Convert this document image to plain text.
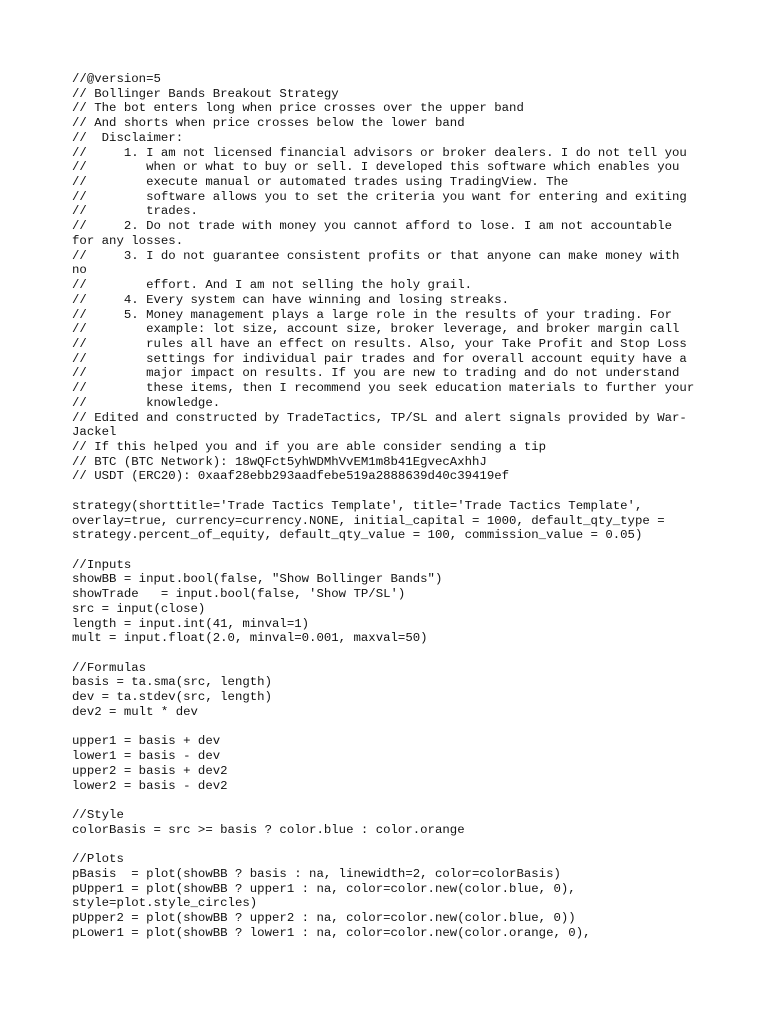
//@version=5
// Bollinger Bands Breakout Strategy
// The bot enters long when price crosses over the upper band
// And shorts when price crosses below the lower band
//  Disclaimer:
//     1. I am not licensed financial advisors or broker dealers. I do not tell you
//        when or what to buy or sell. I developed this software which enables you
//        execute manual or automated trades using TradingView. The
//        software allows you to set the criteria you want for entering and exiting
//        trades.
//     2. Do not trade with money you cannot afford to lose. I am not accountable
for any losses.
//     3. I do not guarantee consistent profits or that anyone can make money with
no
//        effort. And I am not selling the holy grail.
//     4. Every system can have winning and losing streaks.
//     5. Money management plays a large role in the results of your trading. For
//        example: lot size, account size, broker leverage, and broker margin call
//        rules all have an effect on results. Also, your Take Profit and Stop Loss
//        settings for individual pair trades and for overall account equity have a
//        major impact on results. If you are new to trading and do not understand
//        these items, then I recommend you seek education materials to further your
//        knowledge.
// Edited and constructed by TradeTactics, TP/SL and alert signals provided by War-
Jackel
// If this helped you and if you are able consider sending a tip
// BTC (BTC Network): 18wQFct5yhWDMhVvEM1m8b41EgvecAxhhJ
// USDT (ERC20): 0xaaf28ebb293aadfebe519a2888639d40c39419ef
strategy(shorttitle='Trade Tactics Template', title='Trade Tactics Template',
overlay=true, currency=currency.NONE, initial_capital = 1000, default_qty_type =
strategy.percent_of_equity, default_qty_value = 100, commission_value = 0.05)
//Inputs
showBB = input.bool(false, "Show Bollinger Bands")
showTrade   = input.bool(false, 'Show TP/SL')
src = input(close)
length = input.int(41, minval=1)
mult = input.float(2.0, minval=0.001, maxval=50)
//Formulas
basis = ta.sma(src, length)
dev = ta.stdev(src, length)
dev2 = mult * dev
upper1 = basis + dev
lower1 = basis - dev
upper2 = basis + dev2
lower2 = basis - dev2
//Style
colorBasis = src >= basis ? color.blue : color.orange
//Plots
pBasis  = plot(showBB ? basis : na, linewidth=2, color=colorBasis)
pUpper1 = plot(showBB ? upper1 : na, color=color.new(color.blue, 0),
style=plot.style_circles)
pUpper2 = plot(showBB ? upper2 : na, color=color.new(color.blue, 0))
pLower1 = plot(showBB ? lower1 : na, color=color.new(color.orange, 0),
